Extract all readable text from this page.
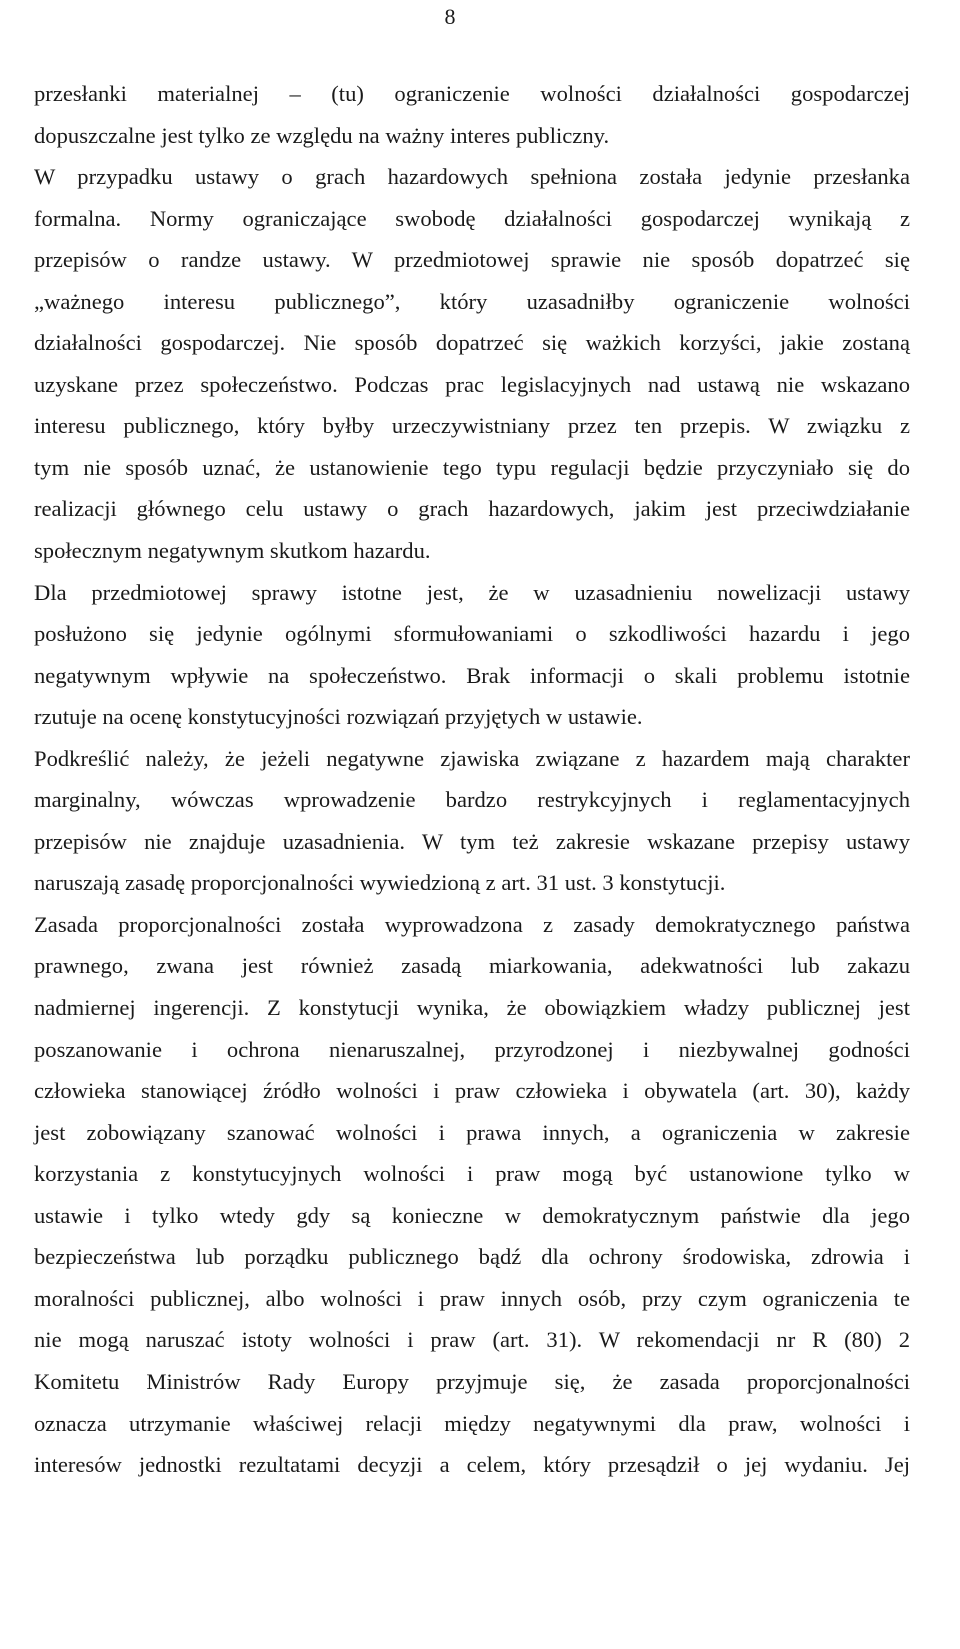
8
przesłanki materialnej – (tu) ograniczenie wolności działalności gospodarczej
dopuszczalne jest tylko ze względu na ważny interes publiczny.
W przypadku ustawy o grach hazardowych spełniona została jedynie przesłanka
formalna. Normy ograniczające swobodę działalności gospodarczej wynikają z
przepisów o randze ustawy. W przedmiotowej sprawie nie sposób dopatrzeć się
„ważnego interesu publicznego”, który uzasadniłby ograniczenie wolności
działalności gospodarczej. Nie sposób dopatrzeć się ważkich korzyści, jakie zostaną
uzyskane przez społeczeństwo. Podczas prac legislacyjnych nad ustawą nie wskazano
interesu publicznego, który byłby urzeczywistniany przez ten przepis. W związku z
tym nie sposób uznać, że ustanowienie tego typu regulacji będzie przyczyniało się do
realizacji głównego celu ustawy o grach hazardowych, jakim jest przeciwdziałanie
społecznym negatywnym skutkom hazardu.
Dla przedmiotowej sprawy istotne jest, że w uzasadnieniu nowelizacji ustawy
posłużono się jedynie ogólnymi sformułowaniami o szkodliwości hazardu i jego
negatywnym wpływie na społeczeństwo. Brak informacji o skali problemu istotnie
rzutuje na ocenę konstytucyjności rozwiązań przyjętych w ustawie.
Podkreślić należy, że jeżeli negatywne zjawiska związane z hazardem mają charakter
marginalny, wówczas wprowadzenie bardzo restrykcyjnych i reglamentacyjnych
przepisów nie znajduje uzasadnienia. W tym też zakresie wskazane przepisy ustawy
naruszają zasadę proporcjonalności wywiedzioną z art. 31 ust. 3 konstytucji.
Zasada proporcjonalności została wyprowadzona z zasady demokratycznego państwa
prawnego, zwana jest również zasadą miarkowania, adekwatności lub zakazu
nadmiernej ingerencji. Z konstytucji wynika, że obowiązkiem władzy publicznej jest
poszanowanie i ochrona nienaruszalnej, przyrodzonej i niezbywalnej godności
człowieka stanowiącej źródło wolności i praw człowieka i obywatela (art. 30), każdy
jest zobowiązany szanować wolności i prawa innych, a ograniczenia w zakresie
korzystania z konstytucyjnych wolności i praw mogą być ustanowione tylko w
ustawie i tylko wtedy gdy są konieczne w demokratycznym państwie dla jego
bezpieczeństwa lub porządku publicznego bądź dla ochrony środowiska, zdrowia i
moralności publicznej, albo wolności i praw innych osób, przy czym ograniczenia te
nie mogą naruszać istoty wolności i praw (art. 31). W rekomendacji nr R (80) 2
Komitetu Ministrów Rady Europy przyjmuje się, że zasada proporcjonalności
oznacza utrzymanie właściwej relacji między negatywnymi dla praw, wolności i
interesów jednostki rezultatami decyzji a celem, który przesądził o jej wydaniu. Jej
